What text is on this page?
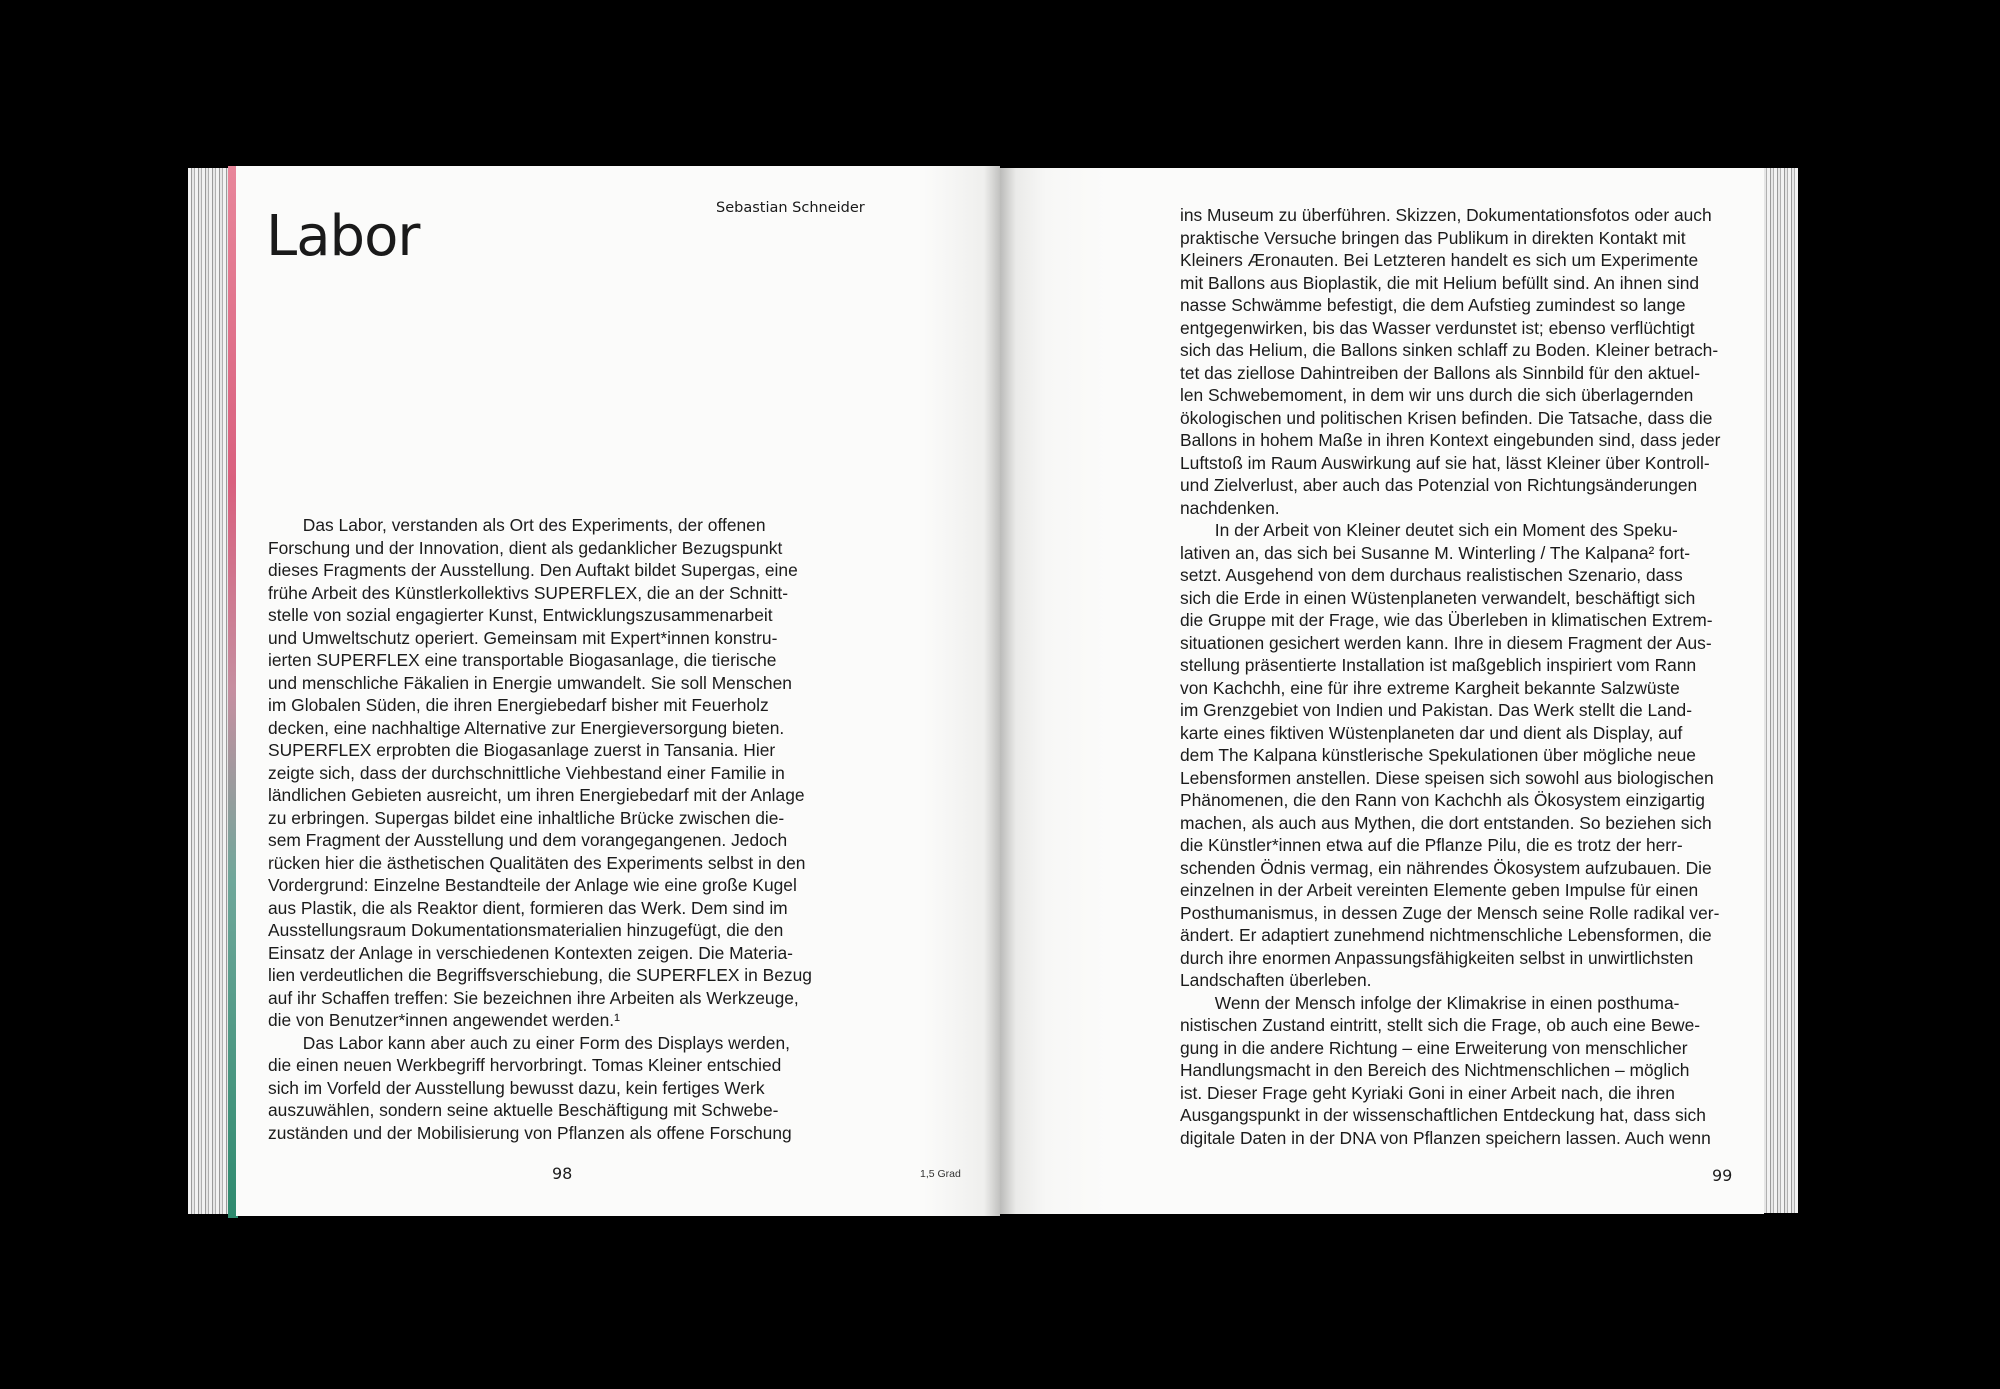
Labor	Sebastian Schneider
  Das Labor, verstanden als Ort des Experiments, der offenen
Forschung und der Innovation, dient als gedanklicher Bezugspunkt
dieses Fragments der Ausstellung. Den Auftakt bildet Supergas, eine
frühe Arbeit des Künstlerkollektivs SUPERFLEX, die an der Schnitt-
stelle von sozial engagierter Kunst, Entwicklungszusammenarbeit
und Umweltschutz operiert. Gemeinsam mit Expert*innen konstru-
ierten SUPERFLEX eine transportable Biogasanlage, die tierische
und menschliche Fäkalien in Energie umwandelt. Sie soll Menschen
im Globalen Süden, die ihren Energiebedarf bisher mit Feuerholz
decken, eine nachhaltige Alternative zur Energieversorgung bieten.
SUPERFLEX erprobten die Biogasanlage zuerst in Tansania. Hier
zeigte sich, dass der durchschnittliche Viehbestand einer Familie in
ländlichen Gebieten ausreicht, um ihren Energiebedarf mit der Anlage
zu erbringen. Supergas bildet eine inhaltliche Brücke zwischen die-
sem Fragment der Ausstellung und dem vorangegangenen. Jedoch
rücken hier die ästhetischen Qualitäten des Experiments selbst in den
Vordergrund: Einzelne Bestandteile der Anlage wie eine große Kugel
aus Plastik, die als Reaktor dient, formieren das Werk. Dem sind im
Ausstellungsraum Dokumentationsmaterialien hinzugefügt, die den
Einsatz der Anlage in verschiedenen Kontexten zeigen. Die Materia-
lien verdeutlichen die Begriffsverschiebung, die SUPERFLEX in Bezug
auf ihr Schaffen treffen: Sie bezeichnen ihre Arbeiten als Werkzeuge,
die von Benutzer*innen angewendet werden.¹
  Das Labor kann aber auch zu einer Form des Displays werden,
die einen neuen Werkbegriff hervorbringt. Tomas Kleiner entschied
sich im Vorfeld der Ausstellung bewusst dazu, kein fertiges Werk
auszuwählen, sondern seine aktuelle Beschäftigung mit Schwebe-
zuständen und der Mobilisierung von Pflanzen als offene Forschung
98	1,5 Grad
ins Museum zu überführen. Skizzen, Dokumentationsfotos oder auch
praktische Versuche bringen das Publikum in direkten Kontakt mit
Kleiners Æronauten. Bei Letzteren handelt es sich um Experimente
mit Ballons aus Bioplastik, die mit Helium befüllt sind. An ihnen sind
nasse Schwämme befestigt, die dem Aufstieg zumindest so lange
entgegenwirken, bis das Wasser verdunstet ist; ebenso verflüchtigt
sich das Helium, die Ballons sinken schlaff zu Boden. Kleiner betrach-
tet das ziellose Dahintreiben der Ballons als Sinnbild für den aktuel-
len Schwebemoment, in dem wir uns durch die sich überlagernden
ökologischen und politischen Krisen befinden. Die Tatsache, dass die
Ballons in hohem Maße in ihren Kontext eingebunden sind, dass jeder
Luftstoß im Raum Auswirkung auf sie hat, lässt Kleiner über Kontroll-
und Zielverlust, aber auch das Potenzial von Richtungsänderungen
nachdenken.
  In der Arbeit von Kleiner deutet sich ein Moment des Speku-
lativen an, das sich bei Susanne M. Winterling / The Kalpana² fort-
setzt. Ausgehend von dem durchaus realistischen Szenario, dass
sich die Erde in einen Wüstenplaneten verwandelt, beschäftigt sich
die Gruppe mit der Frage, wie das Überleben in klimatischen Extrem-
situationen gesichert werden kann. Ihre in diesem Fragment der Aus-
stellung präsentierte Installation ist maßgeblich inspiriert vom Rann
von Kachchh, eine für ihre extreme Kargheit bekannte Salzwüste
im Grenzgebiet von Indien und Pakistan. Das Werk stellt die Land-
karte eines fiktiven Wüstenplaneten dar und dient als Display, auf
dem The Kalpana künstlerische Spekulationen über mögliche neue
Lebensformen anstellen. Diese speisen sich sowohl aus biologischen
Phänomenen, die den Rann von Kachchh als Ökosystem einzigartig
machen, als auch aus Mythen, die dort entstanden. So beziehen sich
die Künstler*innen etwa auf die Pflanze Pilu, die es trotz der herr-
schenden Ödnis vermag, ein nährendes Ökosystem aufzubauen. Die
einzelnen in der Arbeit vereinten Elemente geben Impulse für einen
Posthumanismus, in dessen Zuge der Mensch seine Rolle radikal ver-
ändert. Er adaptiert zunehmend nichtmenschliche Lebensformen, die
durch ihre enormen Anpassungsfähigkeiten selbst in unwirtlichsten
Landschaften überleben.
  Wenn der Mensch infolge der Klimakrise in einen posthuma-
nistischen Zustand eintritt, stellt sich die Frage, ob auch eine Bewe-
gung in die andere Richtung – eine Erweiterung von menschlicher
Handlungsmacht in den Bereich des Nichtmenschlichen – möglich
ist. Dieser Frage geht Kyriaki Goni in einer Arbeit nach, die ihren
Ausgangspunkt in der wissenschaftlichen Entdeckung hat, dass sich
digitale Daten in der DNA von Pflanzen speichern lassen. Auch wenn
99
